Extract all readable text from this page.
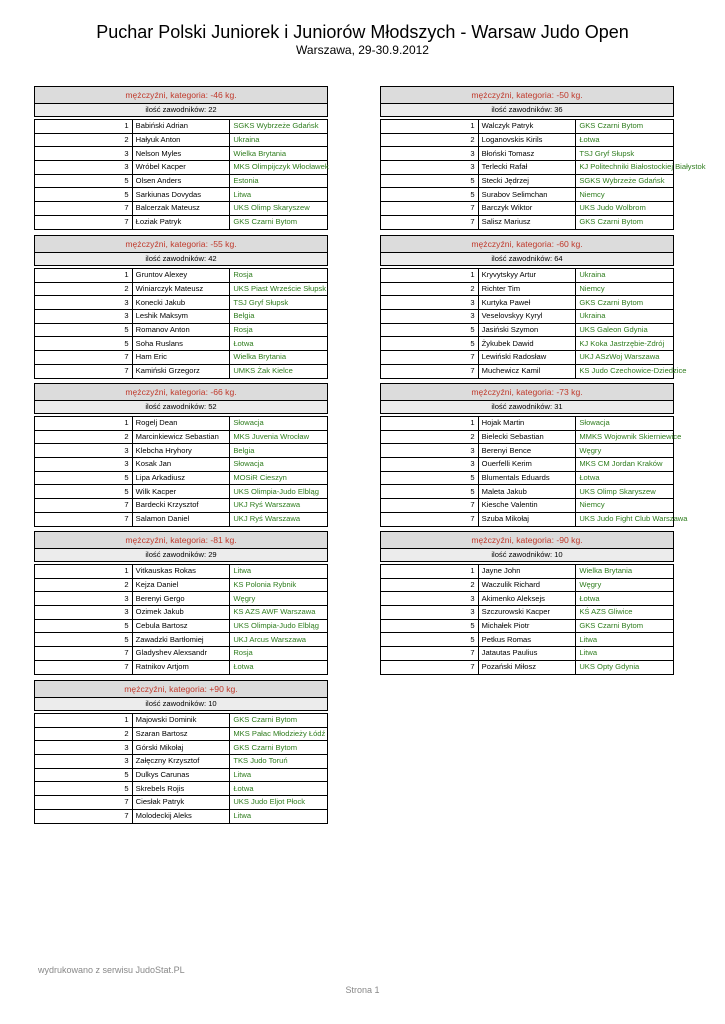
Puchar Polski Juniorek i Juniorów Młodszych - Warsaw Judo Open
Warszawa, 29-30.9.2012
mężczyźni, kategoria: -46 kg.		
ilość zawodników: 22		

1	Babiński Adrian	SGKS Wybrzeże Gdańsk
2	Hałyuk Anton	Ukraina
3	Nelson Myles	Wielka Brytania
3	Wróbel Kacper	MKS Olimpijczyk Włocławek
5	Olsen Anders	Estonia
5	Sarkiunas Dovydas	Litwa
7	Balcerzak Mateusz	UKS Olimp Skaryszew
7	Łoziak Patryk	GKS Czarni Bytom
mężczyźni, kategoria: -50 kg.		
ilość zawodników: 36		

1	Walczyk Patryk	GKS Czarni Bytom
2	Loganovskis Kirils	Łotwa
3	Błoński Tomasz	TSJ Gryf Słupsk
3	Terlecki Rafał	KJ Politechniki Białostockiej Białystok
5	Stecki Jędrzej	SGKS Wybrzeże Gdańsk
5	Surabov Selimchan	Niemcy
7	Barczyk Wiktor	UKS Judo Wolbrom
7	Salisz Mariusz	GKS Czarni Bytom
mężczyźni, kategoria: -55 kg.		
ilość zawodników: 42		

1	Gruntov Alexey	Rosja
2	Winiarczyk Mateusz	UKS Piast Wrzeście Słupsk
3	Konecki Jakub	TSJ Gryf Słupsk
3	Leshik Maksym	Belgia
5	Romanov Anton	Rosja
5	Soha Ruslans	Łotwa
7	Ham Eric	Wielka Brytania
7	Kamiński Grzegorz	UMKS Żak Kielce
mężczyźni, kategoria: -60 kg.		
ilość zawodników: 64		

1	Kryvytskyy Artur	Ukraina
2	Richter Tim	Niemcy
3	Kurtyka Paweł	GKS Czarni Bytom
3	Veselovskyy Kyryl	Ukraina
5	Jasiński Szymon	UKS Galeon Gdynia
5	Żykubek Dawid	KJ Koka Jastrzębie-Zdrój
7	Lewiński Radosław	UKJ ASzWoj Warszawa
7	Muchewicz Kamil	KS Judo Czechowice-Dziedzice
mężczyźni, kategoria: -66 kg.		
ilość zawodników: 52		

1	Rogelj Dean	Słowacja
2	Marcinkiewicz Sebastian	MKS Juvenia Wrocław
3	Klebcha Hryhory	Belgia
3	Kosak Jan	Słowacja
5	Lipa Arkadiusz	MOSiR Cieszyn
5	Wilk Kacper	UKS Olimpia-Judo Elbląg
7	Bardecki Krzysztof	UKJ Ryś Warszawa
7	Salamon Daniel	UKJ Ryś Warszawa
mężczyźni, kategoria: -73 kg.		
ilość zawodników: 31		

1	Hojak Martin	Słowacja
2	Bielecki Sebastian	MMKS Wojownik Skierniewice
3	Berenyi Bence	Węgry
3	Ouerfelli Kerim	MKS CM Jordan Kraków
5	Blumentals Eduards	Łotwa
5	Maleta Jakub	UKS Olimp Skaryszew
7	Kiesche Valentin	Niemcy
7	Szuba Mikołaj	UKS Judo Fight Club Warszawa
mężczyźni, kategoria: -81 kg.		
ilość zawodników: 29		

1	Vitkauskas Rokas	Litwa
2	Kejza Daniel	KS Polonia Rybnik
3	Berenyi Gergo	Węgry
3	Ozimek Jakub	KS AZS AWF Warszawa
5	Cebula Bartosz	UKS Olimpia-Judo Elbląg
5	Zawadzki Bartłomiej	UKJ Arcus Warszawa
7	Gladyshev Alexsandr	Rosja
7	Ratnikov Artjom	Łotwa
mężczyźni, kategoria: -90 kg.		
ilość zawodników: 10		

1	Jayne John	Wielka Brytania
2	Waczulik Richard	Węgry
3	Akimenko Aleksejs	Łotwa
3	Szczurowski Kacper	KŚ AZS Gliwice
5	Michałek Piotr	GKS Czarni Bytom
5	Petkus Romas	Litwa
7	Jatautas Paulius	Litwa
7	Pozański Miłosz	UKS Opty Gdynia
mężczyźni, kategoria: +90 kg.		
ilość zawodników: 10		

1	Majowski Dominik	GKS Czarni Bytom
2	Szaran Bartosz	MKS Pałac Młodzieży Łódź
3	Górski Mikołaj	GKS Czarni Bytom
3	Załęczny Krzysztof	TKS Judo Toruń
5	Dulkys Carunas	Litwa
5	Skrebels Rojis	Łotwa
7	Ciesłak Patryk	UKS Judo Eljot Płock
7	Molodeckij Aleks	Litwa
wydrukowano z serwisu JudoStat.PL
Strona 1
